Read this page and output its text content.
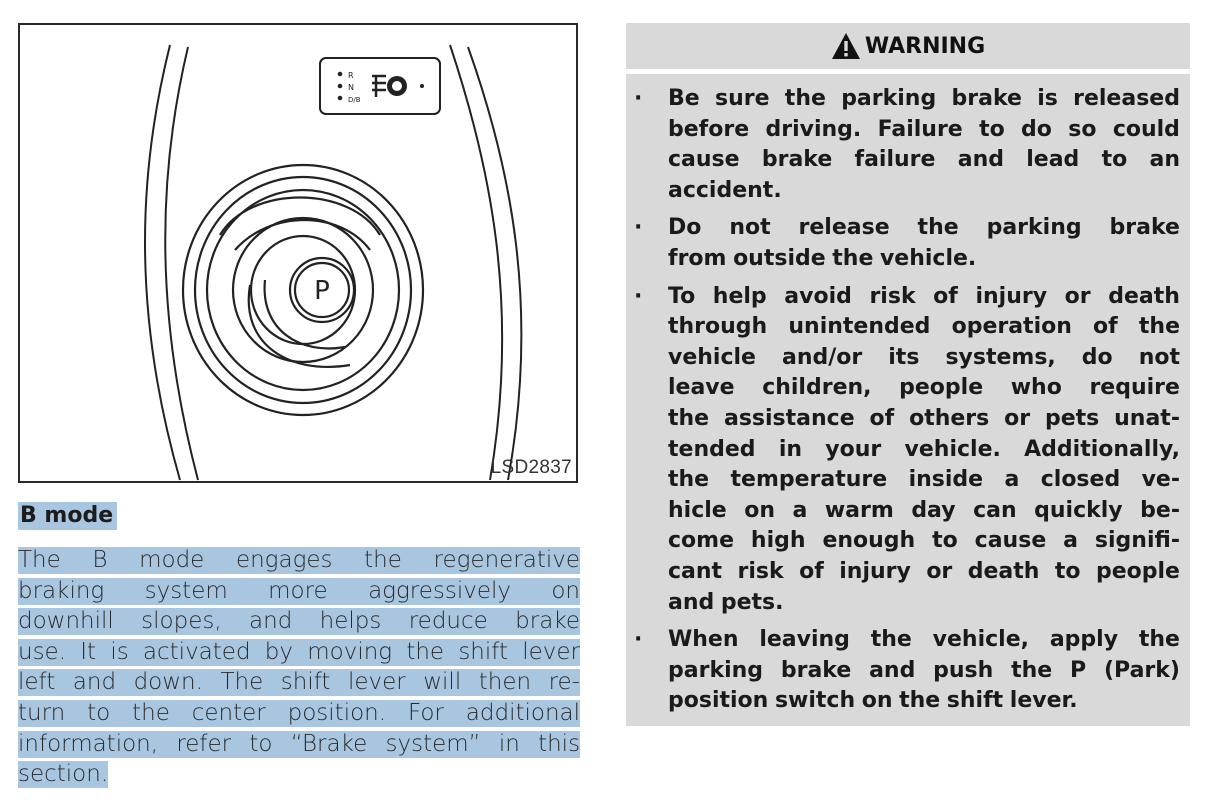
R
N
D/B
P
LSD2837
B mode
The B mode engages the regenerative
braking system more aggressively on
downhill slopes, and helps reduce brake
use. It is activated by moving the shift lever
left and down. The shift lever will then re-
turn to the center position. For additional
information, refer to “Brake system” in this
section.
WARNING
· Be sure the parking brake is released
before driving. Failure to do so could
cause brake failure and lead to an
accident.
· Do not release the parking brake
from outside the vehicle.
· To help avoid risk of injury or death
through unintended operation of the
vehicle and/or its systems, do not
leave children, people who require
the assistance of others or pets unat-
tended in your vehicle. Additionally,
the temperature inside a closed ve-
hicle on a warm day can quickly be-
come high enough to cause a signifi-
cant risk of injury or death to people
and pets.
· When leaving the vehicle, apply the
parking brake and push the P (Park)
position switch on the shift lever.
